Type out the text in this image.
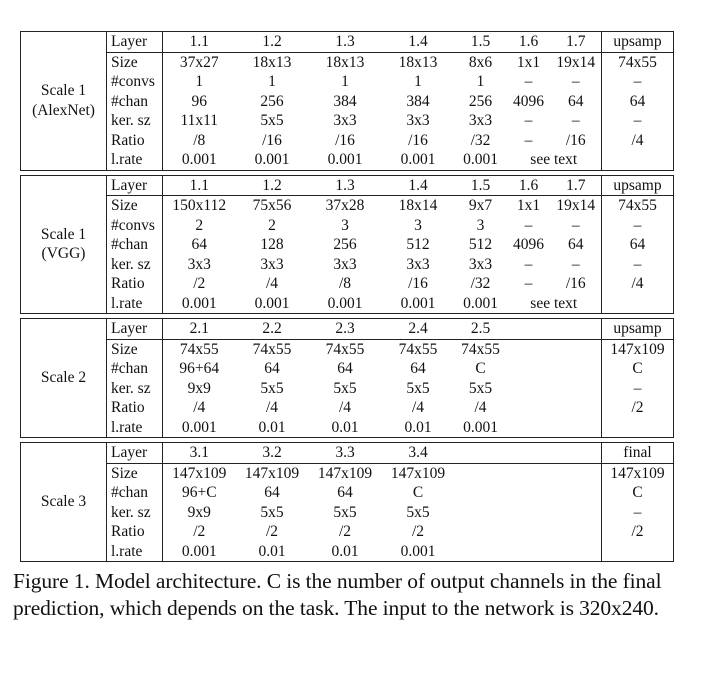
Scale 1
(AlexNet)	Layer	1.1	1.2	1.3	1.4	1.5	1.6	1.7	upsamp
	Size	37x27	18x13	18x13	18x13	8x6	1x1	19x14	74x55
	#convs	1	1	1	1	1	–	–	–
	#chan	96	256	384	384	256	4096	64	64
	ker. sz	11x11	5x5	3x3	3x3	3x3	–	–	–
	Ratio	/8	/16	/16	/16	/32	–	/16	/4
	l.rate	0.001	0.001	0.001	0.001	0.001	see text		
Scale 1
(VGG)	Layer	1.1	1.2	1.3	1.4	1.5	1.6	1.7	upsamp
	Size	150x112	75x56	37x28	18x14	9x7	1x1	19x14	74x55
	#convs	2	2	3	3	3	–	–	–
	#chan	64	128	256	512	512	4096	64	64
	ker. sz	3x3	3x3	3x3	3x3	3x3	–	–	–
	Ratio	/2	/4	/8	/16	/32	–	/16	/4
	l.rate	0.001	0.001	0.001	0.001	0.001	see text		
Scale 2	Layer	2.1	2.2	2.3	2.4	2.5			upsamp
	Size	74x55	74x55	74x55	74x55	74x55			147x109
	#chan	96+64	64	64	64	C			C
	ker. sz	9x9	5x5	5x5	5x5	5x5			–
	Ratio	/4	/4	/4	/4	/4			/2
	l.rate	0.001	0.01	0.01	0.01	0.001			
Scale 3	Layer	3.1	3.2	3.3	3.4				final
	Size	147x109	147x109	147x109	147x109				147x109
	#chan	96+C	64	64	C				C
	ker. sz	9x9	5x5	5x5	5x5				–
	Ratio	/2	/2	/2	/2				/2
	l.rate	0.001	0.01	0.01	0.001				
Figure 1. Model architecture. C is the number of output channels in the final prediction, which depends on the task. The input to the network is 320x240.
